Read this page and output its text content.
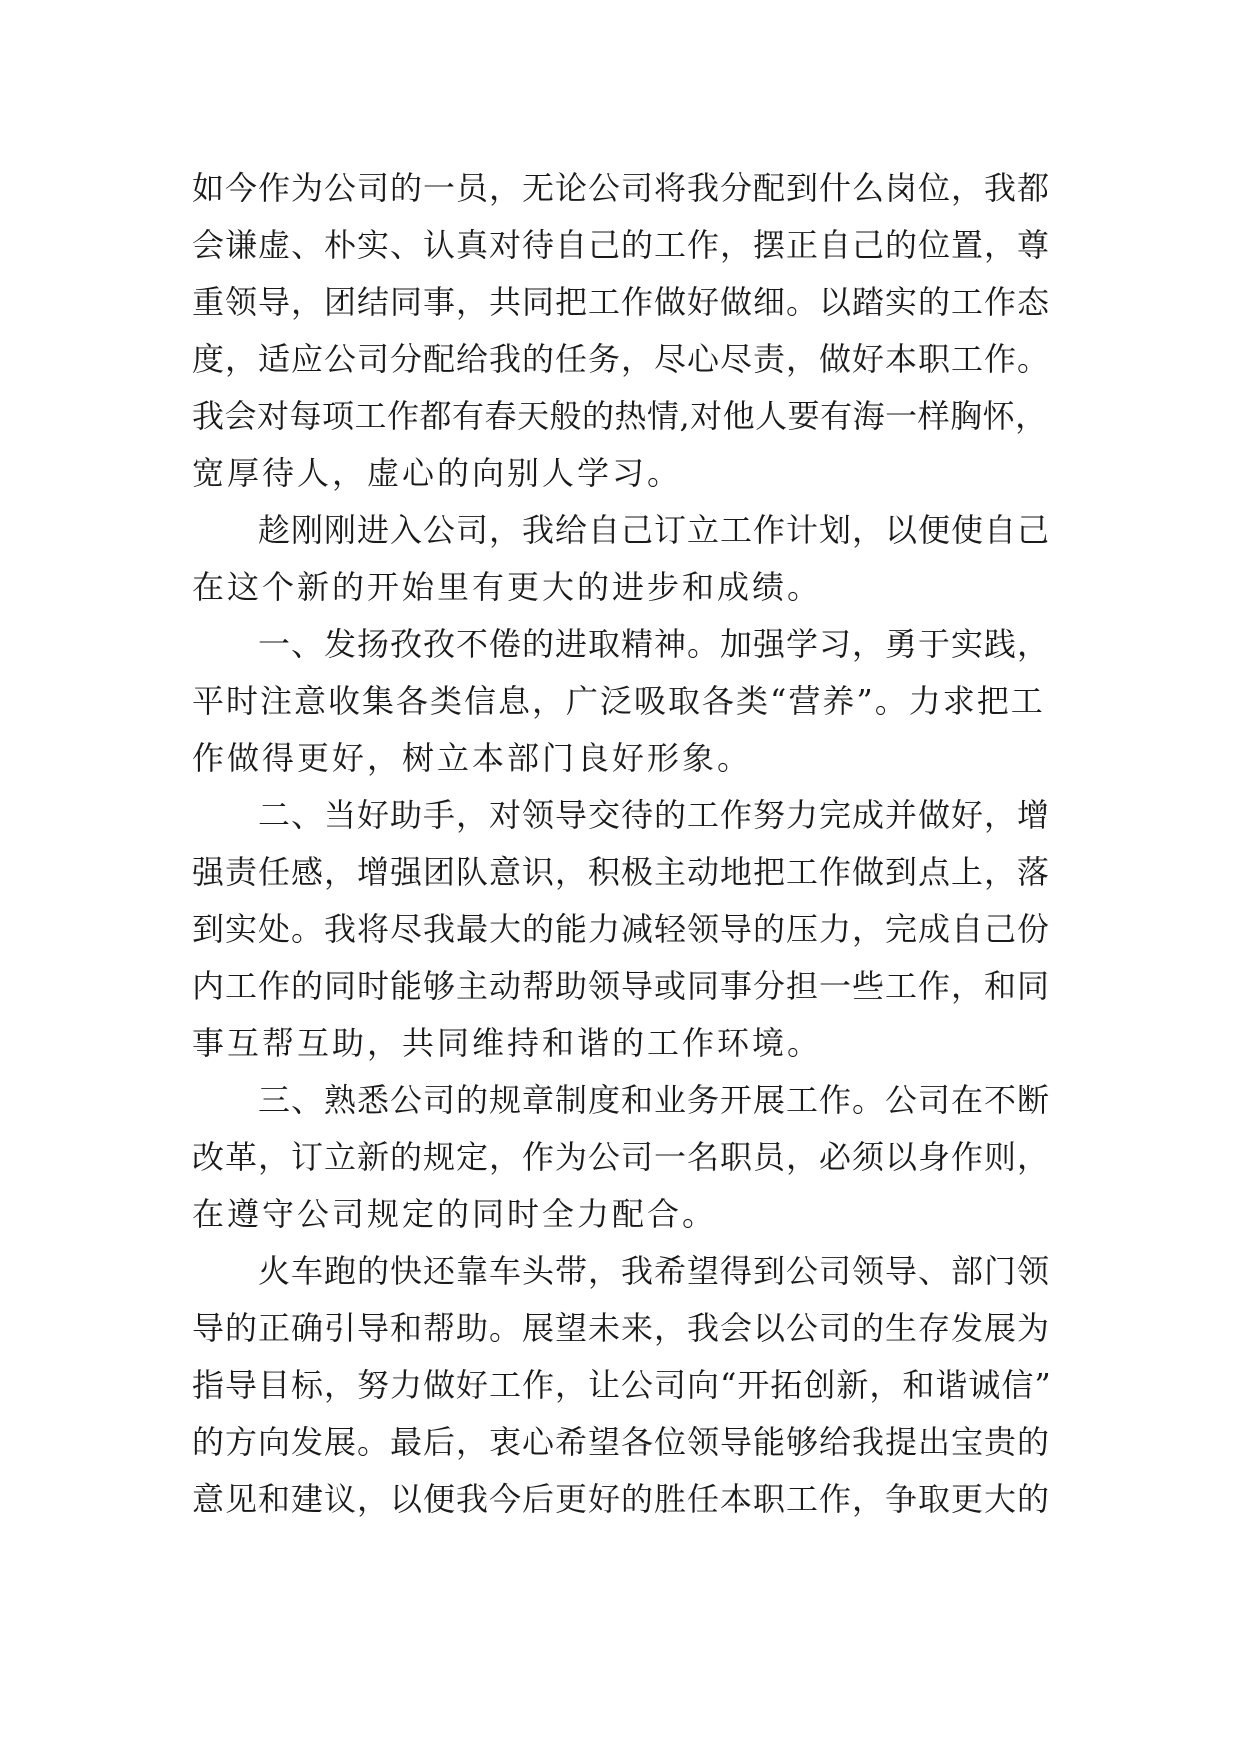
如今作为公司的一员，无论公司将我分配到什么岗位，我都
会谦虚、朴实、认真对待自己的工作，摆正自己的位置，尊
重领导，团结同事，共同把工作做好做细。以踏实的工作态
度，适应公司分配给我的任务，尽心尽责，做好本职工作。
我会对每项工作都有春天般的热情,对他人要有海一样胸怀，
宽厚待人，虚心的向别人学习。
趁刚刚进入公司，我给自己订立工作计划，以便使自己
在这个新的开始里有更大的进步和成绩。
一、发扬孜孜不倦的进取精神。加强学习，勇于实践，
平时注意收集各类信息，广泛吸取各类“营养”。力求把工
作做得更好，树立本部门良好形象。
二、当好助手，对领导交待的工作努力完成并做好，增
强责任感，增强团队意识，积极主动地把工作做到点上，落
到实处。我将尽我最大的能力减轻领导的压力，完成自己份
内工作的同时能够主动帮助领导或同事分担一些工作，和同
事互帮互助，共同维持和谐的工作环境。
三、熟悉公司的规章制度和业务开展工作。公司在不断
改革，订立新的规定，作为公司一名职员，必须以身作则，
在遵守公司规定的同时全力配合。
火车跑的快还靠车头带，我希望得到公司领导、部门领
导的正确引导和帮助。展望未来，我会以公司的生存发展为
指导目标，努力做好工作，让公司向“开拓创新，和谐诚信”
的方向发展。最后，衷心希望各位领导能够给我提出宝贵的
意见和建议，以便我今后更好的胜任本职工作，争取更大的
